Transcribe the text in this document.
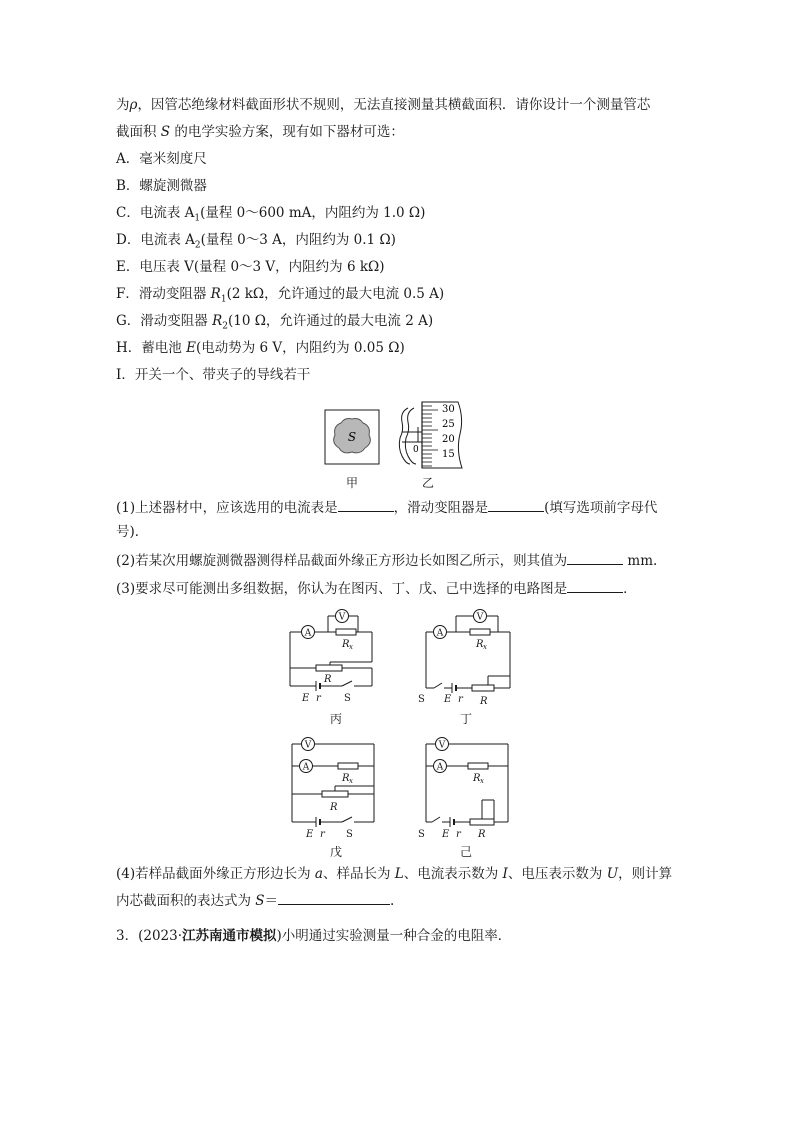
为ρ，因管芯绝缘材料截面形状不规则，无法直接测量其横截面积．请你设计一个测量管芯
截面积 S 的电学实验方案，现有如下器材可选：
A．毫米刻度尺
B．螺旋测微器
C．电流表 $A_1$(量程 0～600 mA，内阻约为 1.0 Ω)
D．电流表 $A_2$(量程 0～3 A，内阻约为 0.1 Ω)
E．电压表 V(量程 0～3 V，内阻约为 6 kΩ)
F．滑动变阻器 $R_1(2$ kΩ，允许通过的最大电流 0.5 A)
G．滑动变阻器 $R_2(10$ Ω，允许通过的最大电流 2 A)
H．蓄电池 E(电动势为 6 V，内阻约为 0.05 Ω)
I．开关一个、带夹子的导线若干
S
0
30
25
20
15
甲	乙
(1)上述器材中，应该选用的电流表是	，滑动变阻器是	(填写选项前字母代
号)．
(2)若某次用螺旋测微器测得样品截面外缘正方形边长如图乙所示，则其值为	mm.
(3)要求尽可能测出多组数据，你认为在图丙、丁、戊、己中选择的电路图是	．
V
A
R x
R
E r S
V
A
R x
S E r R
V
A
R x
R
E r S
V
A
R x
S E r R
丙	丁
戊	己
(4)若样品截面外缘正方形边长为 a、样品长为 L、电流表示数为 I、电压表示数为 U，则计算
内芯截面积的表达式为 S＝	.
3．(2023·江苏南通市模拟)小明通过实验测量一种合金的电阻率．
